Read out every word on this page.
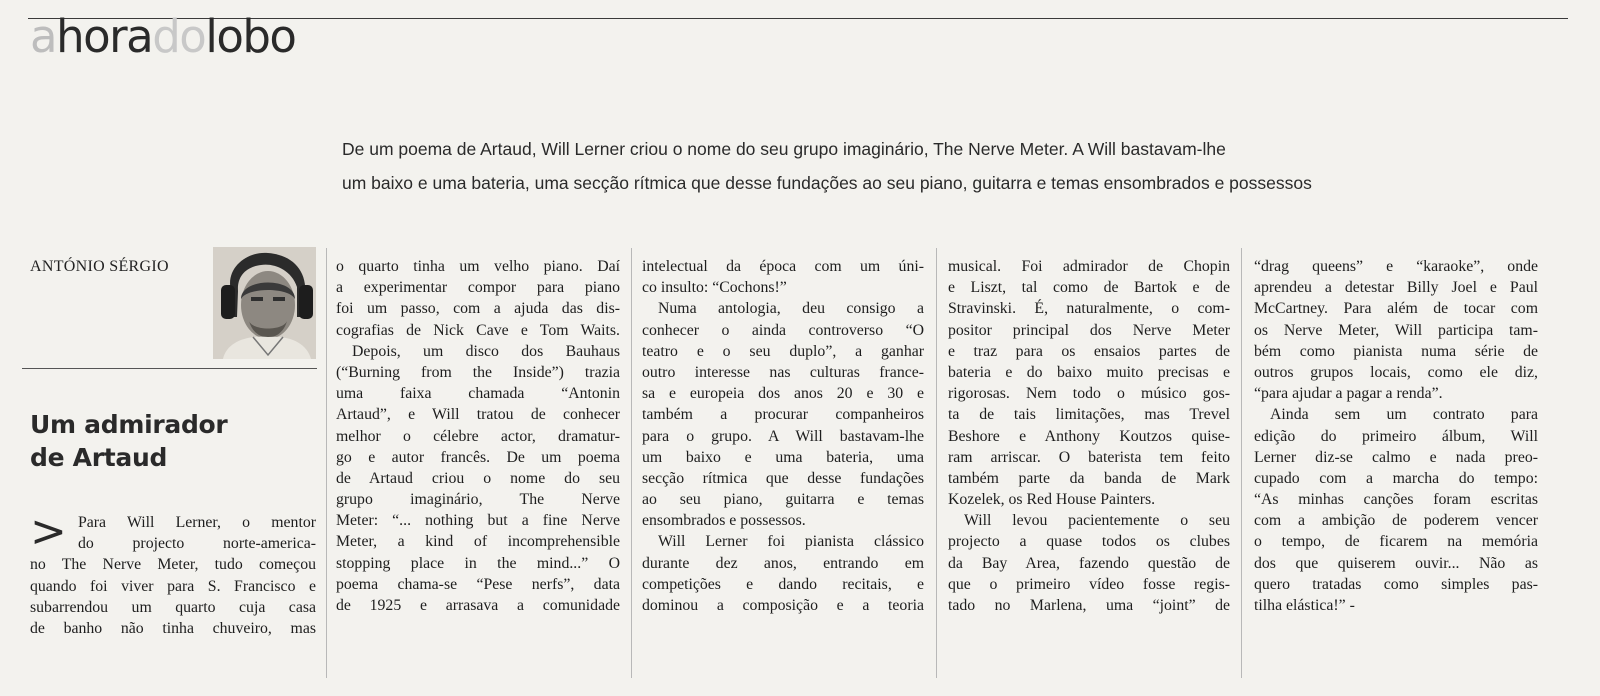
ahoradolobo
De um poema de Artaud, Will Lerner criou o nome do seu grupo imaginário, The Nerve Meter. A Will bastavam-lhe
um baixo e uma bateria, uma secção rítmica que desse fundações ao seu piano, guitarra e temas ensombrados e possessos
ANTÓNIO SÉRGIO
Um admirador
de Artaud
> Para Will Lerner, o mentor
do projecto norte-america-
no The Nerve Meter, tudo começou
quando foi viver para S. Francisco e
subarrendou um quarto cuja casa
de banho não tinha chuveiro, mas
o quarto tinha um velho piano. Daí
a experimentar compor para piano
foi um passo, com a ajuda das dis-
cografias de Nick Cave e Tom Waits.
Depois, um disco dos Bauhaus
(“Burning from the Inside”) trazia
uma faixa chamada “Antonin
Artaud”, e Will tratou de conhecer
melhor o célebre actor, dramatur-
go e autor francês. De um poema
de Artaud criou o nome do seu
grupo imaginário, The Nerve
Meter: “... nothing but a fine Nerve
Meter, a kind of incomprehensible
stopping place in the mind...” O
poema chama-se “Pese nerfs”, data
de 1925 e arrasava a comunidade
intelectual da época com um úni-
co insulto: “Cochons!”
Numa antologia, deu consigo a
conhecer o ainda controverso “O
teatro e o seu duplo”, a ganhar
outro interesse nas culturas france-
sa e europeia dos anos 20 e 30 e
também a procurar companheiros
para o grupo. A Will bastavam-lhe
um baixo e uma bateria, uma
secção rítmica que desse fundações
ao seu piano, guitarra e temas
ensombrados e possessos.
Will Lerner foi pianista clássico
durante dez anos, entrando em
competições e dando recitais, e
dominou a composição e a teoria
musical. Foi admirador de Chopin
e Liszt, tal como de Bartok e de
Stravinski. É, naturalmente, o com-
positor principal dos Nerve Meter
e traz para os ensaios partes de
bateria e do baixo muito precisas e
rigorosas. Nem todo o músico gos-
ta de tais limitações, mas Trevel
Beshore e Anthony Koutzos quise-
ram arriscar. O baterista tem feito
também parte da banda de Mark
Kozelek, os Red House Painters.
Will levou pacientemente o seu
projecto a quase todos os clubes
da Bay Area, fazendo questão de
que o primeiro vídeo fosse regis-
tado no Marlena, uma “joint” de
“drag queens” e “karaoke”, onde
aprendeu a detestar Billy Joel e Paul
McCartney. Para além de tocar com
os Nerve Meter, Will participa tam-
bém como pianista numa série de
outros grupos locais, como ele diz,
“para ajudar a pagar a renda”.
Ainda sem um contrato para
edição do primeiro álbum, Will
Lerner diz-se calmo e nada preo-
cupado com a marcha do tempo:
“As minhas canções foram escritas
com a ambição de poderem vencer
o tempo, de ficarem na memória
dos que quiserem ouvir... Não as
quero tratadas como simples pas-
tilha elástica!” -
